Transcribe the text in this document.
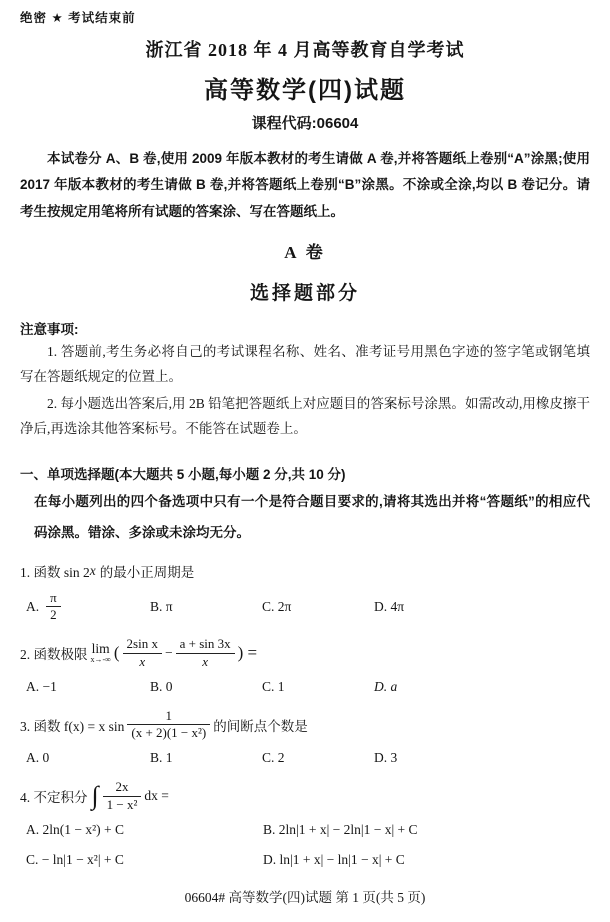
绝密 ★ 考试结束前
浙江省 2018 年 4 月高等教育自学考试
高等数学(四)试题
课程代码:06604

本试卷分 A、B 卷,使用 2009 年版本教材的考生请做 A 卷,并将答题纸上卷别“A”涂黑;使用 2017 年版本教材的考生请做 B 卷,并将答题纸上卷别“B”涂黑。不涂或全涂,均以 B 卷记分。请考生按规定用笔将所有试题的答案涂、写在答题纸上。

A 卷
选择题部分
注意事项:

1. 答题前,考生务必将自己的考试课程名称、姓名、准考证号用黑色字迹的签字笔或钢笔填写在答题纸规定的位置上。

2. 每小题选出答案后,用 2B 铅笔把答题纸上对应题目的答案标号涂黑。如需改动,用橡皮擦干净后,再选涂其他答案标号。不能答在试题卷上。

一、单项选择题(本大题共 5 小题,每小题 2 分,共 10 分)

在每小题列出的四个备选项中只有一个是符合题目要求的,请将其选出并将“答题纸”的相应代码涂黑。错涂、多涂或未涂均无分。

1. 函数 sin 2 x 的最小正周期是
A. $\frac{\pi}{2}$	B. π	C. 2π	D. 4π
2. 函数极限 lim
x→-∞ ( $\frac{\text{2sin x}}{x} - \frac{a + \sin 3x}{x}$ ) =
A. −1	B. 0	C. 1	D. a
3. 函数 f(x) = x $\sin \frac{1}{\text{(x + 2)(1 − x²)}}$ 的间断点个数是
A. 0	B. 1	C. 2	D. 3
4. 不定积分 ∫ $\frac{2x}{\text{1 − x²}}$ dx =
A. 2ln(1 − x²) + C	B. 2ln|1 + x| − 2ln|1 − x| + C
C. − ln|1 − x²| + C	D. ln|1 + x| − ln|1 − x| + C
06604# 高等数学(四)试题 第 1 页(共 5 页)
